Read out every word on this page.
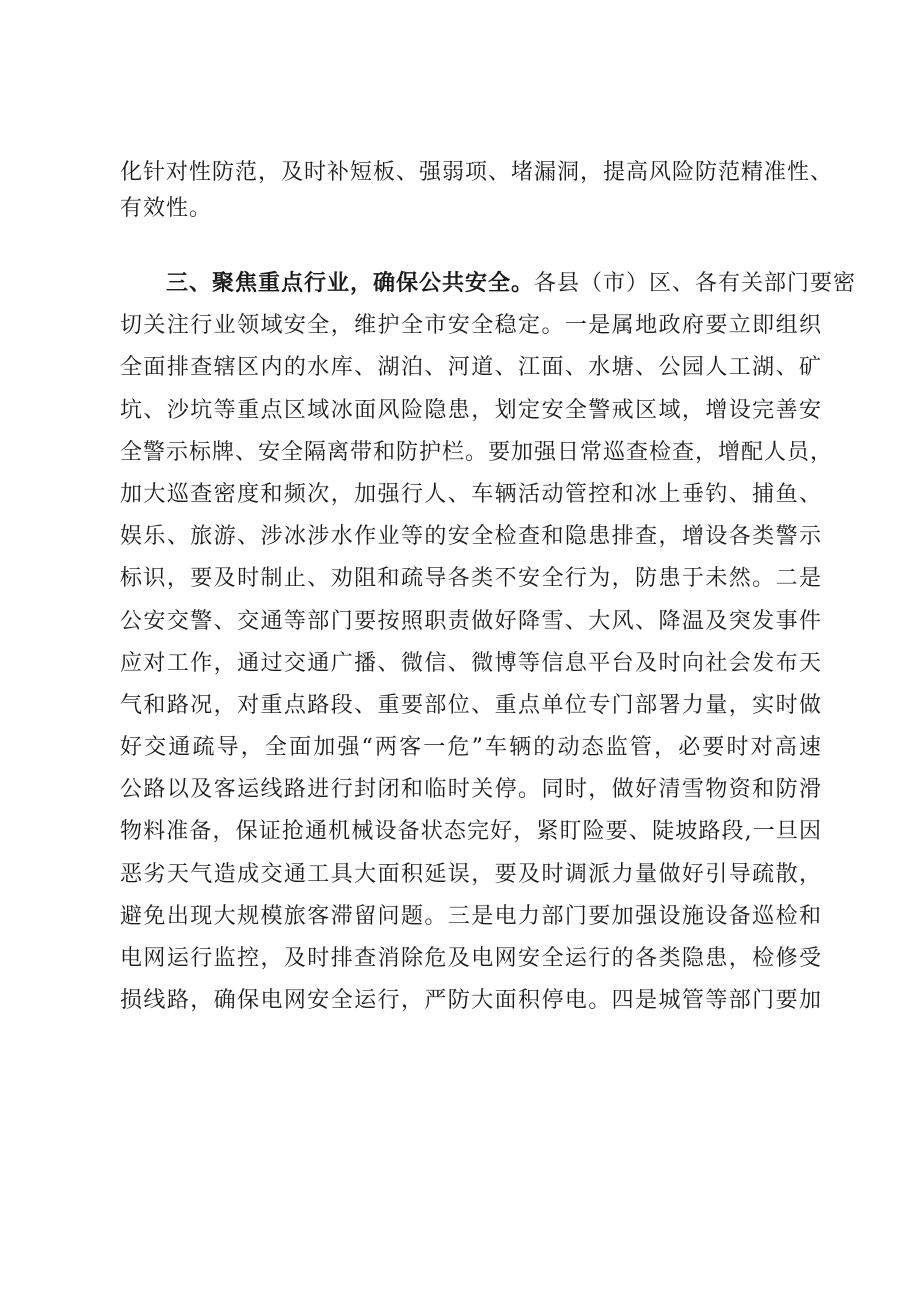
化针对性防范，及时补短板、强弱项、堵漏洞，提高风险防范精准性、
有效性。
三、聚焦重点行业，确保公共安全。各县（市）区、各有关部门要密
切关注行业领域安全，维护全市安全稳定。一是属地政府要立即组织
全面排查辖区内的水库、湖泊、河道、江面、水塘、公园人工湖、矿
坑、沙坑等重点区域冰面风险隐患，划定安全警戒区域，增设完善安
全警示标牌、安全隔离带和防护栏。要加强日常巡查检查，增配人员，
加大巡查密度和频次，加强行人、车辆活动管控和冰上垂钓、捕鱼、
娱乐、旅游、涉冰涉水作业等的安全检查和隐患排查，增设各类警示
标识，要及时制止、劝阻和疏导各类不安全行为，防患于未然。二是
公安交警、交通等部门要按照职责做好降雪、大风、降温及突发事件
应对工作，通过交通广播、微信、微博等信息平台及时向社会发布天
气和路况，对重点路段、重要部位、重点单位专门部署力量，实时做
好交通疏导，全面加强“两客一危”车辆的动态监管，必要时对高速
公路以及客运线路进行封闭和临时关停。同时，做好清雪物资和防滑
物料准备，保证抢通机械设备状态完好，紧盯险要、陡坡路段,一旦因
恶劣天气造成交通工具大面积延误，要及时调派力量做好引导疏散，
避免出现大规模旅客滞留问题。三是电力部门要加强设施设备巡检和
电网运行监控，及时排查消除危及电网安全运行的各类隐患，检修受
损线路，确保电网安全运行，严防大面积停电。四是城管等部门要加
